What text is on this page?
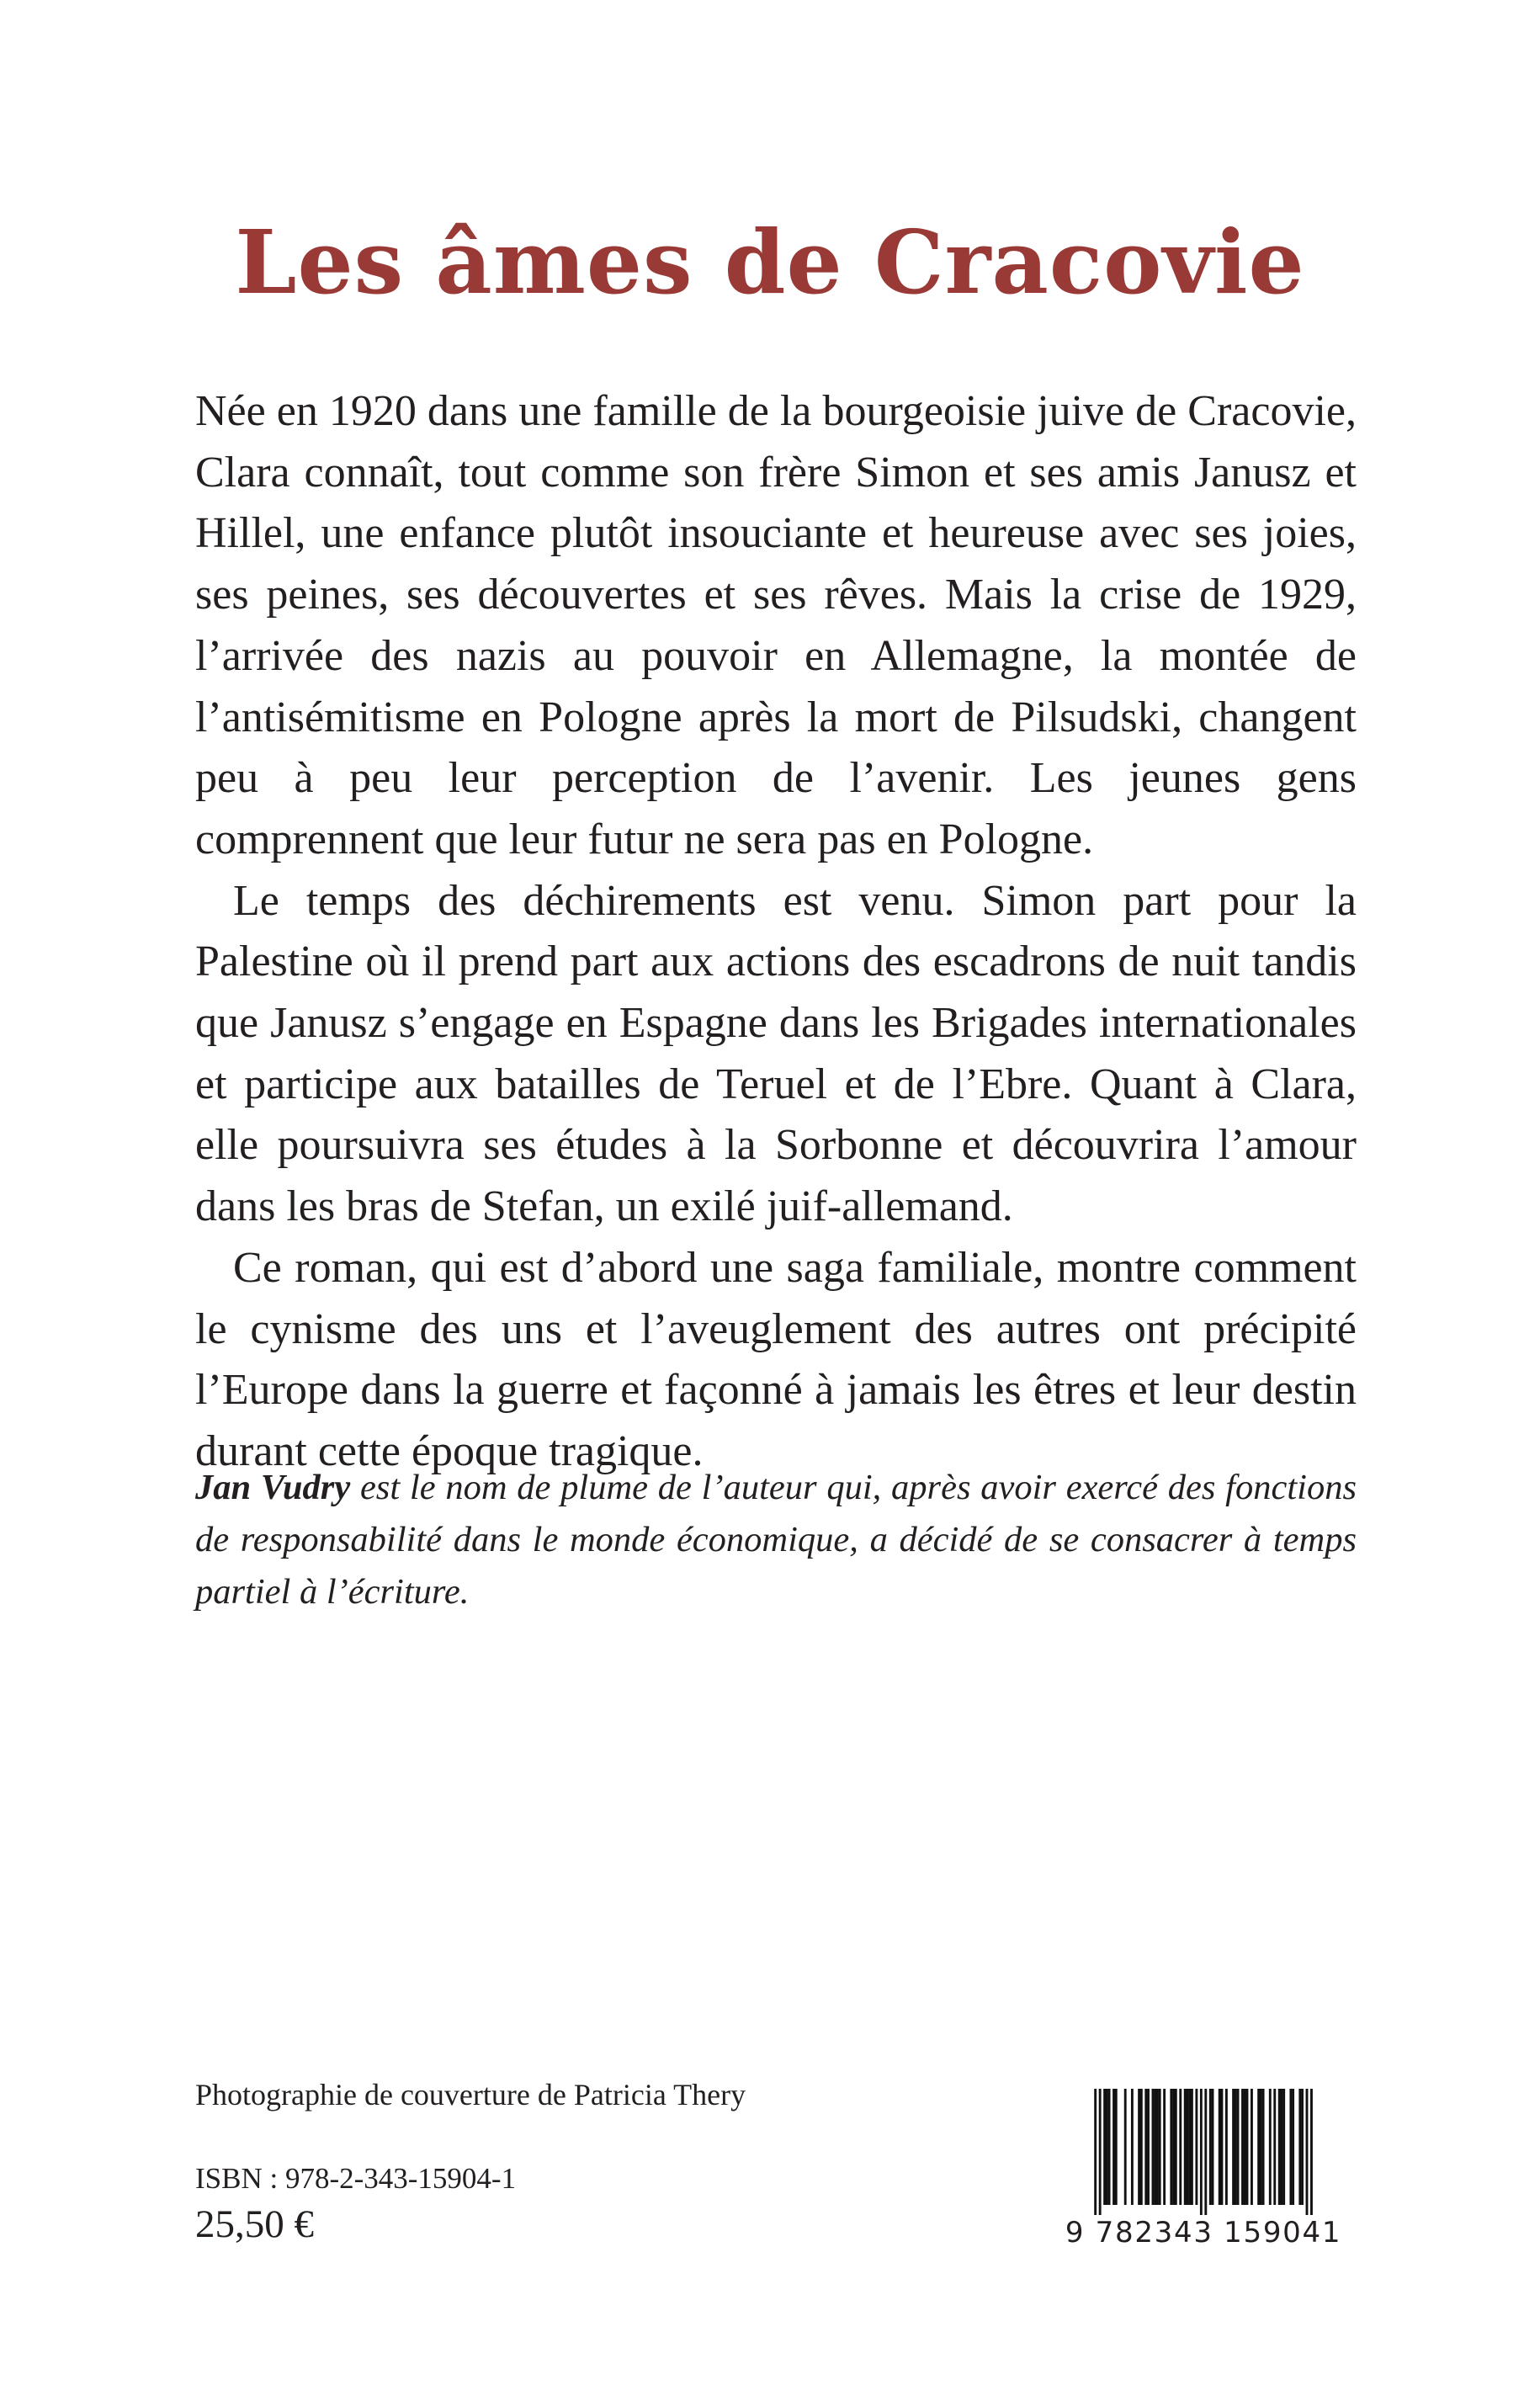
Les âmes de Cracovie

Née en 1920 dans une famille de la bourgeoisie juive de Cracovie, Clara connaît, tout comme son frère Simon et ses amis Janusz et Hillel, une enfance plutôt insouciante et heureuse avec ses joies, ses peines, ses découvertes et ses rêves. Mais la crise de 1929, l’arrivée des nazis au pouvoir en Allemagne, la montée de l’antisémitisme en Pologne après la mort de Pilsudski, changent peu à peu leur perception de l’avenir. Les jeunes gens comprennent que leur futur ne sera pas en Pologne.

Le temps des déchirements est venu. Simon part pour la Palestine où il prend part aux actions des escadrons de nuit tandis que Janusz s’engage en Espagne dans les Brigades internationales et participe aux batailles de Teruel et de l’Ebre. Quant à Clara, elle poursuivra ses études à la Sorbonne et découvrira l’amour dans les bras de Stefan, un exilé juif-allemand.

Ce roman, qui est d’abord une saga familiale, montre comment le cynisme des uns et l’aveuglement des autres ont précipité l’Europe dans la guerre et façonné à jamais les êtres et leur destin durant cette époque tragique.

Jan Vudry est le nom de plume de l’auteur qui, après avoir exercé des fonctions de responsabilité dans le monde économique, a décidé de se consacrer à temps partiel à l’écriture.

Photographie de couverture de Patricia Thery

ISBN : 978-2-343-15904-1

25,50 €	9 782343 159041
